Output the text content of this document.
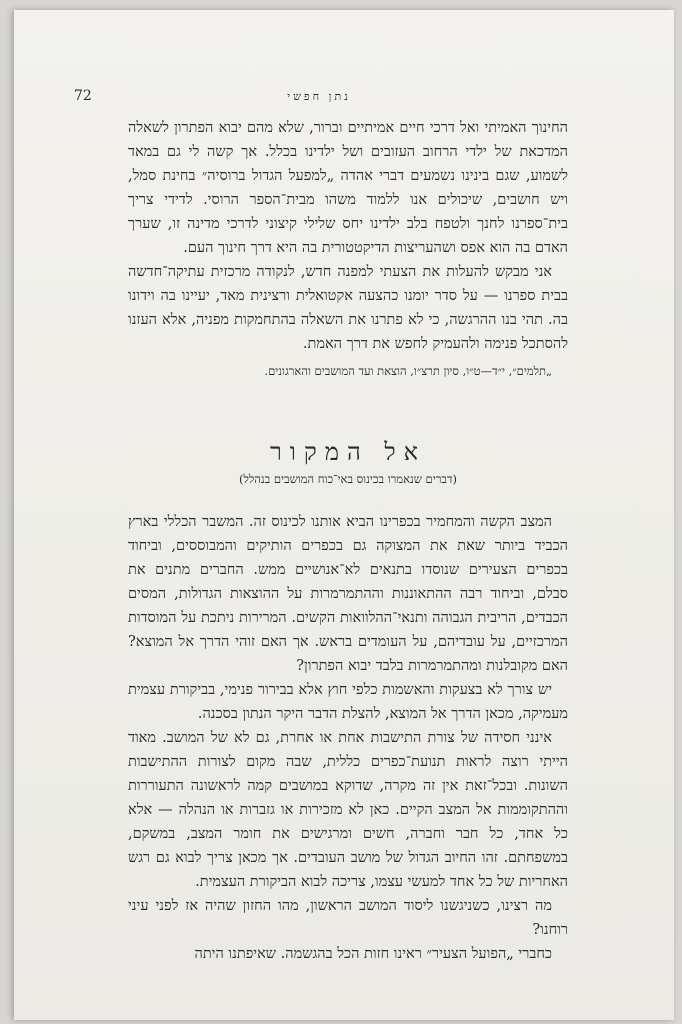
72	נתן חפשי

החינוך האמיתי ואל דרכי חיים אמיתיים וברור, שלא מהם יבוא הפתרון לשאלה המדכאת של ילדי הרחוב העזובים ושל ילדינו בכלל. אך קשה לי גם במאד לשמוע, שגם בינינו נשמעים דברי אהדה „למפעל הגדול ברוסיה״ בחינת סמל, ויש חושבים, שיכולים אנו ללמוד משהו מבית־הספר הרוסי. לדידי צריך בית־ספרנו לחנך ולטפח בלב ילדינו יחס שלילי קיצוני לדרכי מדינה זו, שערך האדם בה הוא אפס ושהעריצות הדיקטטורית בה היא דרך חינוך העם.

אני מבקש להעלות את הצעתי למפנה חדש, לנקודה מרכזית עתיקה־חדשה בבית ספרנו — על סדר יומנו כהצעה אקטואלית ורצינית מאד, יעיינו בה וידונו בה. תהי בנו ההרגשה, כי לא פתרנו את השאלה בהתחמקות מפניה, אלא העזנו להסתכל פנימה ולהעמיק לחפש את דרך האמת.

„תלמים״, י״ד—ט״ו, סיון תרצ״ו, הוצאת ועד המושבים והארגונים.

אל המקור

(דברים שנאמרו בכינוס באי־כוח המושבים בנהלל)

המצב הקשה והמחמיר בכפרינו הביא אותנו לכינוס זה. המשבר הכללי בארץ הכביד ביותר שאת את המצוקה גם בכפרים הותיקים והמבוססים, וביחוד בכפרים הצעירים שנוסדו בתנאים לא־אנושיים ממש. החברים מתנים את סבלם, וביחוד רבה ההתאוננות וההתמרמרות על ההוצאות הגדולות, המסים הכבדים, הריבית הגבוהה ותנאי־ההלוואות הקשים. המרירות ניתכת על המוסדות המרכזיים, על עובדיהם, על העומדים בראש. אך האם זוהי הדרך אל המוצא? האם מקובלנות ומהתמרמרות בלבד יבוא הפתרון?

יש צורך לא בצעקות והאשמות כלפי חוץ אלא בבירור פנימי, בביקורת עצמית מעמיקה, מכאן הדרך אל המוצא, להצלת הדבר היקר הנתון בסכנה.

אינני חסידה של צורת התישבות אחת או אחרת, גם לא של המושב. מאוד הייתי רוצה לראות תנועת־כפרים כללית, שבה מקום לצורות ההתישבות השונות. ובכל־זאת אין זה מקרה, שדוקא במושבים קמה לראשונה התעוררות וההתקוממות אל המצב הקיים. כאן לא מזכירות או גזברות או הנהלה — אלא כל אחד, כל חבר וחברה, חשים ומרגישים את חומר המצב, במשקם, במשפחתם. זהו החיוב הגדול של מושב העובדים. אך מכאן צריך לבוא גם רגש האחריות של כל אחד למעשי עצמו, צריכה לבוא הביקורת העצמית.

מה רצינו, כשניגשנו ליסוד המושב הראשון, מהו החזון שהיה אז לפני עיני רוחנו?

כחברי „הפועל הצעיר״ ראינו חזות הכל בהגשמה. שאיפתנו היתה
